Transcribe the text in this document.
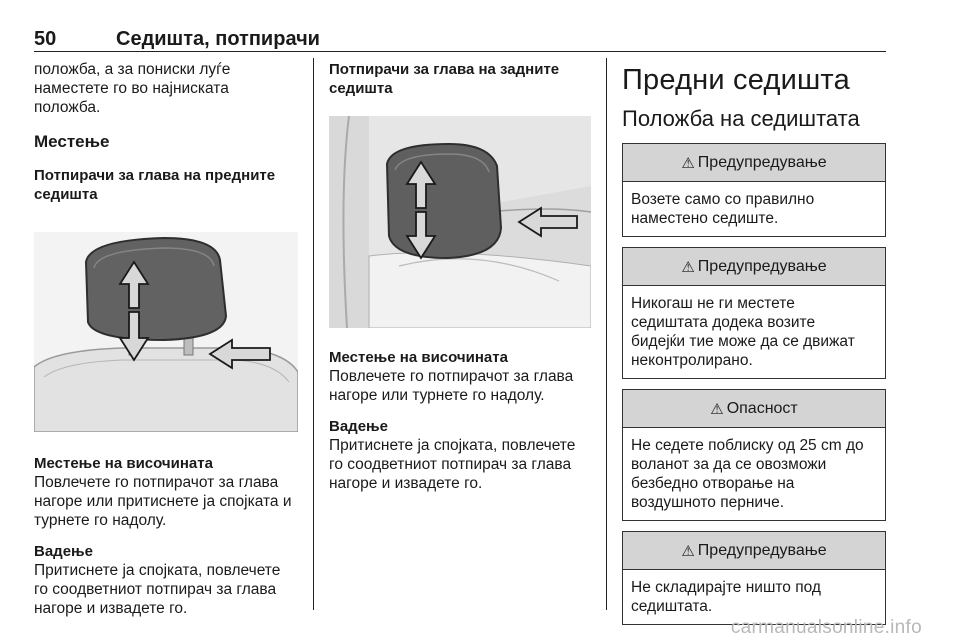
50	Седишта, потпирачи
положба, а за пониски луѓе
наместете го во најниската
положба.
Местење
Потпирачи за глава на предните
седишта
Местење на височината
Повлечете го потпирачот за глава
нагоре или притиснете ја спојката и
турнете го надолу.
Вадење
Притиснете ја спојката, повлечете
го соодветниот потпирач за глава
нагоре и извадете го.
Потпирачи за глава на задните
седишта
Местење на височината
Повлечете го потпирачот за глава
нагоре или турнете го надолу.
Вадење
Притиснете ја спојката, повлечете
го соодветниот потпирач за глава
нагоре и извадете го.
Предни седишта
Положба на седиштата
⚠ Предупредување
Возете само со правилно
наместено седиште.
⚠ Предупредување
Никогаш не ги местете
седиштата додека возите
бидејќи тие може да се движат
неконтролирано.
⚠ Опасност
Не седете поблиску од 25 cm до
воланот за да се овозможи
безбедно отворање на
воздушното перниче.
⚠ Предупредување
Не складирајте ништо под
седиштата.
carmanualsonline.info
